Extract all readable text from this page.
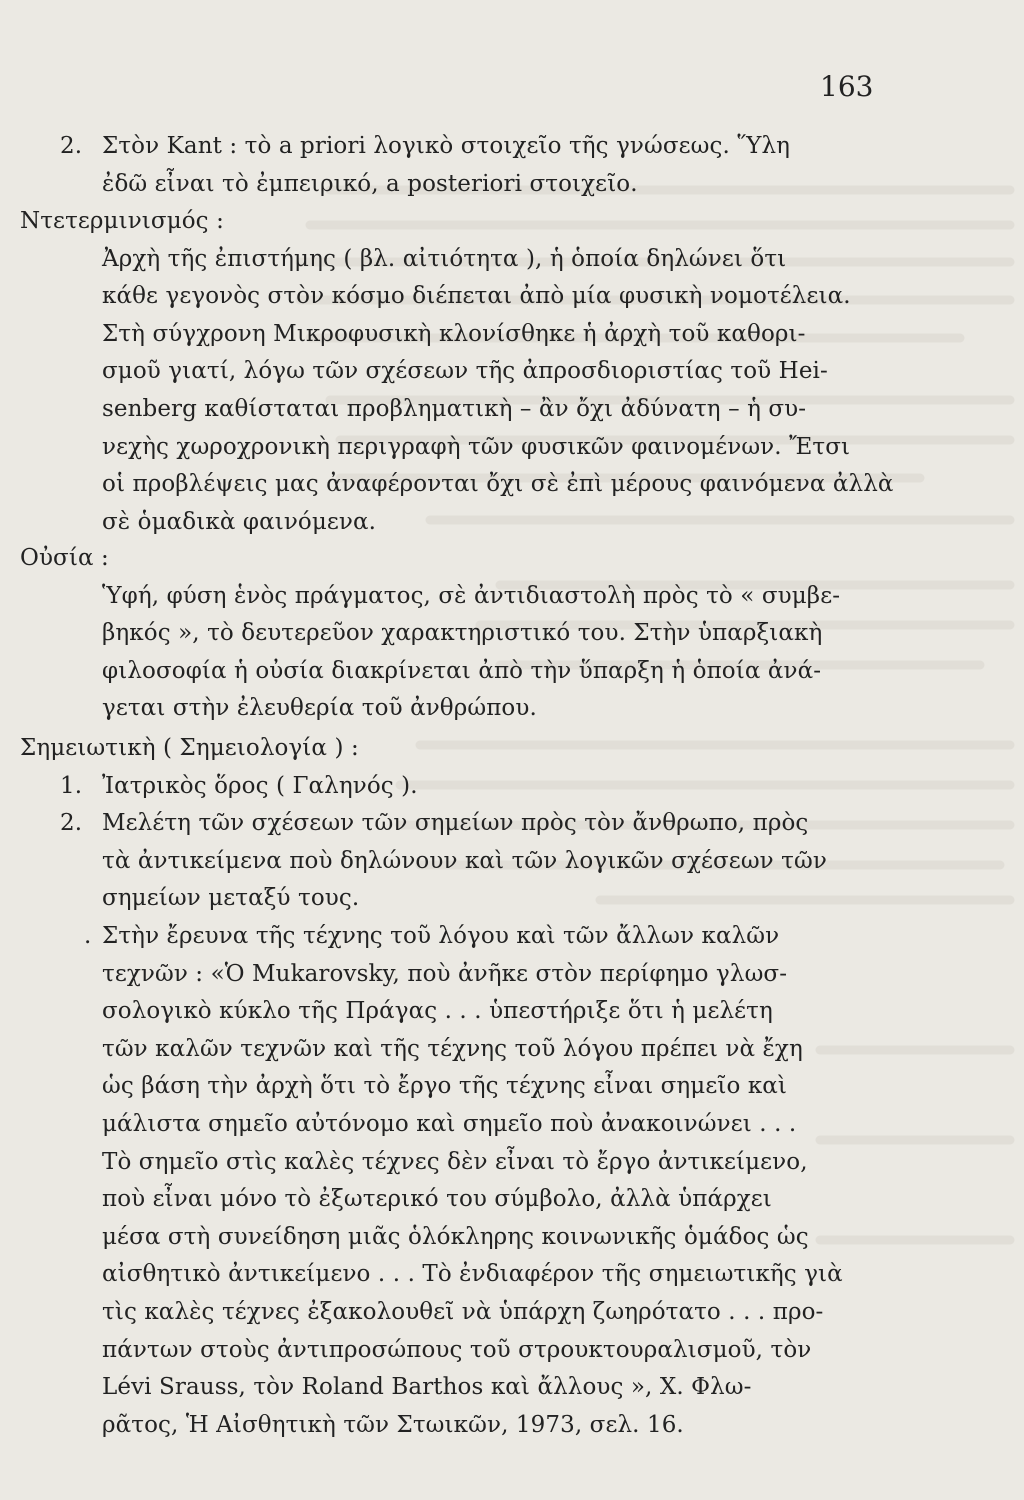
163
2. Στὸν Kant : τὸ a priori λογικὸ στοιχεῖο τῆς γνώσεως. Ὕλη
ἐδῶ εἶναι τὸ ἐμπειρικό, a posteriori στοιχεῖο.
Ντετερμινισμός :
Ἀρχὴ τῆς ἐπιστήμης ( βλ. αἰτιότητα ), ἡ ὁποία δηλώνει ὅτι
κάθε γεγονὸς στὸν κόσμο διέπεται ἀπὸ μία φυσικὴ νομοτέλεια.
Στὴ σύγχρονη Μικροφυσικὴ κλονίσθηκε ἡ ἀρχὴ τοῦ καθορι-
σμοῦ γιατί, λόγω τῶν σχέσεων τῆς ἀπροσδιοριστίας τοῦ Hei-
senberg καθίσταται προβληματικὴ – ἂν ὄχι ἀδύνατη – ἡ συ-
νεχὴς χωροχρονικὴ περιγραφὴ τῶν φυσικῶν φαινομένων. Ἔτσι
οἱ προβλέψεις μας ἀναφέρονται ὄχι σὲ ἐπὶ μέρους φαινόμενα ἀλλὰ
σὲ ὁμαδικὰ φαινόμενα.
Οὐσία :
Ὑφή, φύση ἑνὸς πράγματος, σὲ ἀντιδιαστολὴ πρὸς τὸ « συμβε-
βηκός », τὸ δευτερεῦον χαρακτηριστικό του. Στὴν ὑπαρξιακὴ
φιλοσοφία ἡ οὐσία διακρίνεται ἀπὸ τὴν ὕπαρξη ἡ ὁποία ἀνά-
γεται στὴν ἐλευθερία τοῦ ἀνθρώπου.
Σημειωτικὴ ( Σημειολογία ) :
1. Ἰατρικὸς ὅρος ( Γαληνός ).
2. Μελέτη τῶν σχέσεων τῶν σημείων πρὸς τὸν ἄνθρωπο, πρὸς
τὰ ἀντικείμενα ποὺ δηλώνουν καὶ τῶν λογικῶν σχέσεων τῶν
σημείων μεταξύ τους.
. Στὴν ἔρευνα τῆς τέχνης τοῦ λόγου καὶ τῶν ἄλλων καλῶν
τεχνῶν : «Ὁ Mukarovsky, ποὺ ἀνῆκε στὸν περίφημο γλωσ-
σολογικὸ κύκλο τῆς Πράγας . . . ὑπεστήριξε ὅτι ἡ μελέτη
τῶν καλῶν τεχνῶν καὶ τῆς τέχνης τοῦ λόγου πρέπει νὰ ἔχη
ὡς βάση τὴν ἀρχὴ ὅτι τὸ ἔργο τῆς τέχνης εἶναι σημεῖο καὶ
μάλιστα σημεῖο αὐτόνομο καὶ σημεῖο ποὺ ἀνακοινώνει . . .
Τὸ σημεῖο στὶς καλὲς τέχνες δὲν εἶναι τὸ ἔργο ἀντικείμενο,
ποὺ εἶναι μόνο τὸ ἐξωτερικό του σύμβολο, ἀλλὰ ὑπάρχει
μέσα στὴ συνείδηση μιᾶς ὁλόκληρης κοινωνικῆς ὁμάδος ὡς
αἰσθητικὸ ἀντικείμενο . . . Τὸ ἐνδιαφέρον τῆς σημειωτικῆς γιὰ
τὶς καλὲς τέχνες ἐξακολουθεῖ νὰ ὑπάρχη ζωηρότατο . . . προ-
πάντων στοὺς ἀντιπροσώπους τοῦ στρουκτουραλισμοῦ, τὸν
Lévi Srauss, τὸν Roland Barthos καὶ ἄλλους », Χ. Φλω-
ρᾶτος, Ἡ Αἰσθητικὴ τῶν Στωικῶν, 1973, σελ. 16.
